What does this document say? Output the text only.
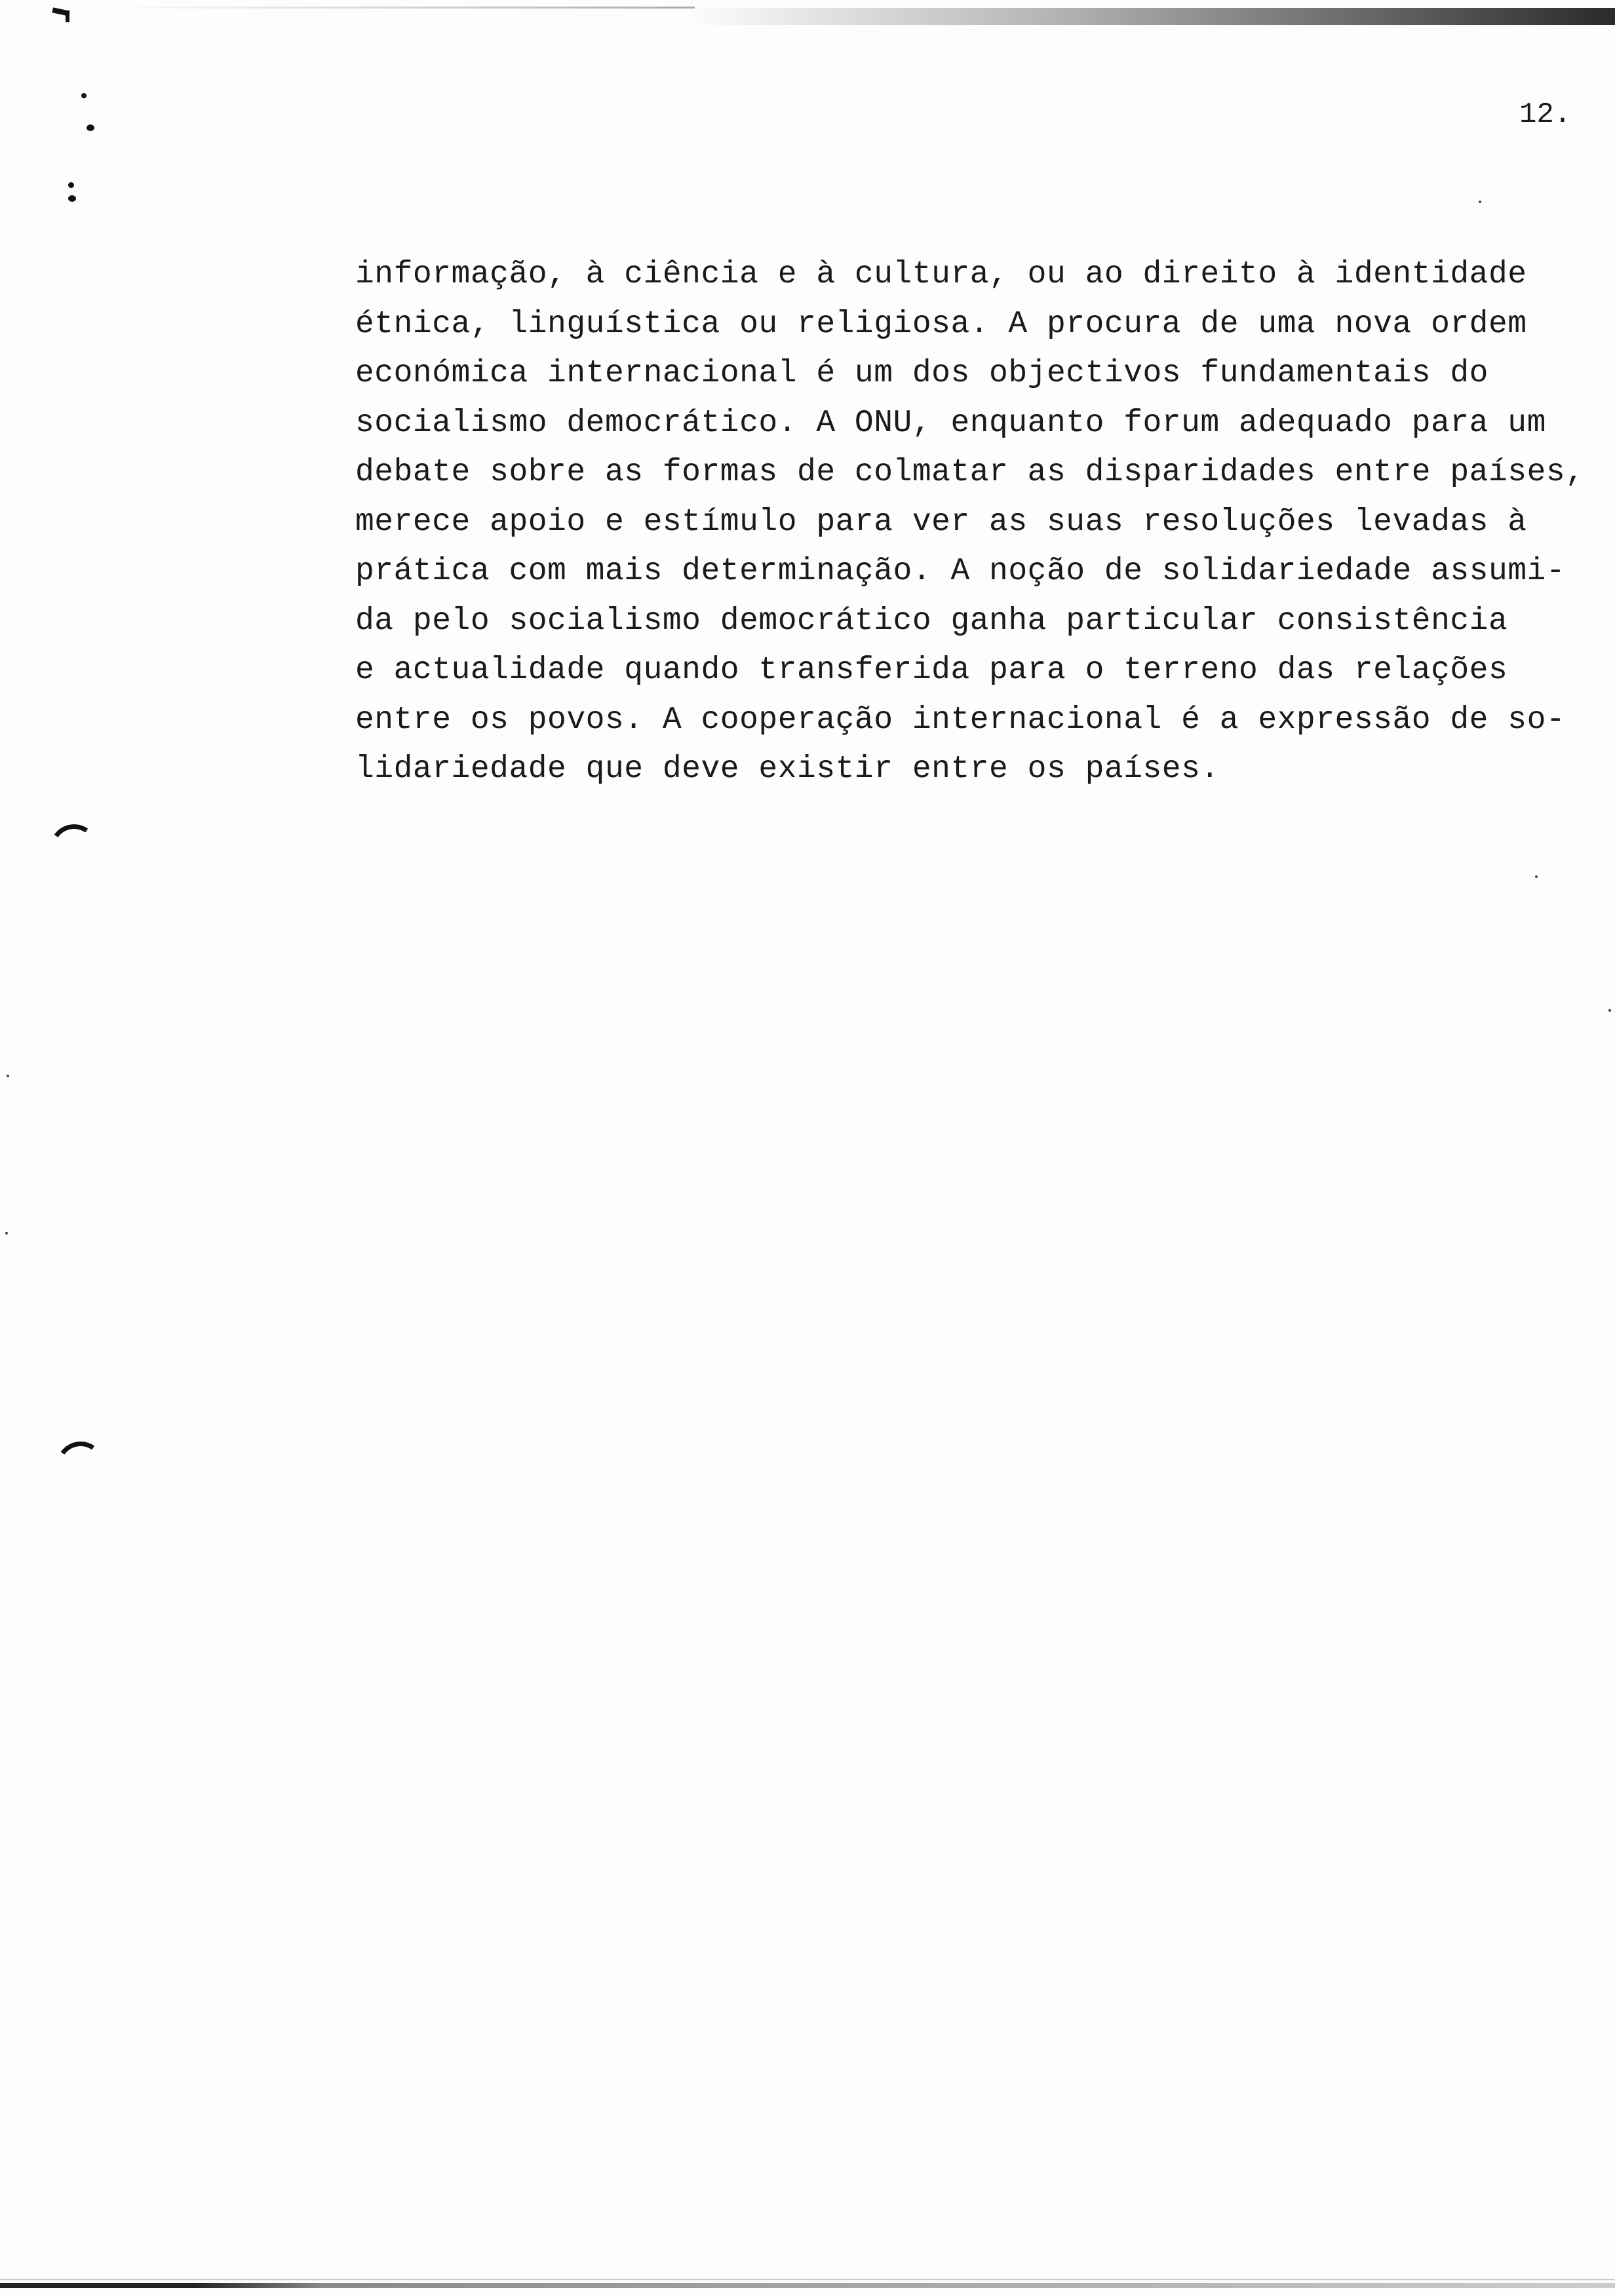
12.
informação, à ciência e à cultura, ou ao direito à identidade
étnica, linguística ou religiosa. A procura de uma nova ordem
económica internacional é um dos objectivos fundamentais do
socialismo democrático. A ONU, enquanto forum adequado para um
debate sobre as formas de colmatar as disparidades entre países,
merece apoio e estímulo para ver as suas resoluções levadas à
prática com mais determinação. A noção de solidariedade assumi-
da pelo socialismo democrático ganha particular consistência
e actualidade quando transferida para o terreno das relações
entre os povos. A cooperação internacional é a expressão de so-
lidariedade que deve existir entre os países.
